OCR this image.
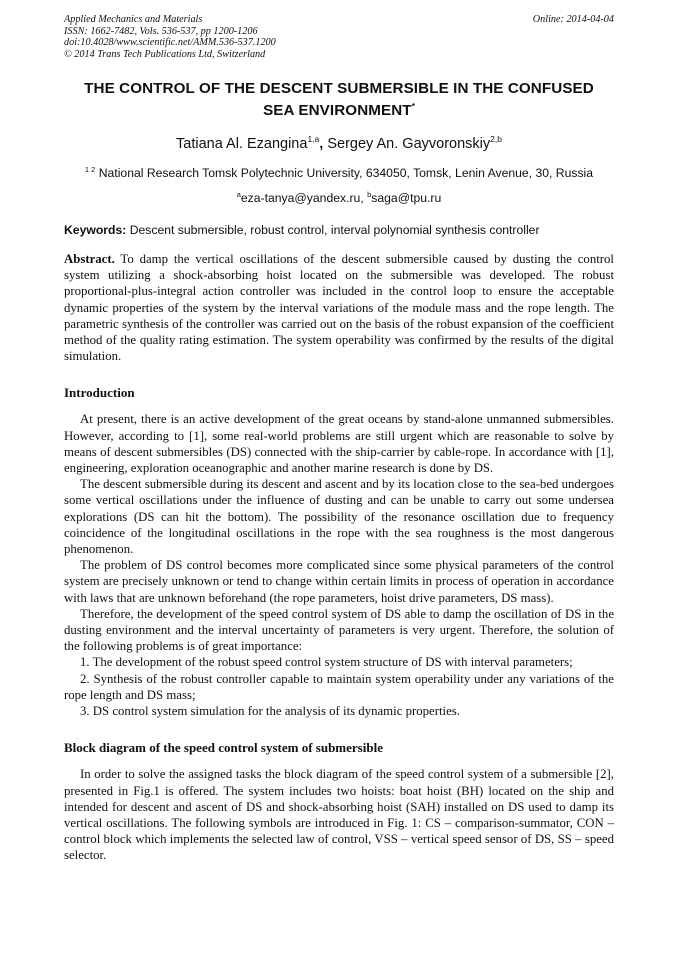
Applied Mechanics and Materials
ISSN: 1662-7482, Vols. 536-537, pp 1200-1206
doi:10.4028/www.scientific.net/AMM.536-537.1200
© 2014 Trans Tech Publications Ltd, Switzerland
Online: 2014-04-04
THE CONTROL OF THE DESCENT SUBMERSIBLE IN THE CONFUSED
SEA ENVIRONMENT*
Tatiana Al. Ezangina$^{1,a}$, Sergey An. Gayvoronskiy$^{2,b}$
$^{1 2}$ National Research Tomsk Polytechnic University, 634050, Tomsk, Lenin Avenue, 30, Russia
$^a$eza-tanya@yandex.ru, $^b$saga@tpu.ru
Keywords: Descent submersible, robust control, interval polynomial synthesis controller

Abstract. To damp the vertical oscillations of the descent submersible caused by dusting the control system utilizing a shock-absorbing hoist located on the submersible was developed. The robust proportional-plus-integral action controller was included in the control loop to ensure the acceptable dynamic properties of the system by the interval variations of the module mass and the rope length. The parametric synthesis of the controller was carried out on the basis of the robust expansion of the coefficient method of the quality rating estimation. The system operability was confirmed by the results of the digital simulation.

Introduction

At present, there is an active development of the great oceans by stand-alone unmanned submersibles. However, according to [1], some real-world problems are still urgent which are reasonable to solve by means of descent submersibles (DS) connected with the ship-carrier by cable-rope. In accordance with [1], engineering, exploration oceanographic and another marine research is done by DS.

The descent submersible during its descent and ascent and by its location close to the sea-bed undergoes some vertical oscillations under the influence of dusting and can be unable to carry out some undersea explorations (DS can hit the bottom). The possibility of the resonance oscillation due to frequency coincidence of the longitudinal oscillations in the rope with the sea roughness is the most dangerous phenomenon.

The problem of DS control becomes more complicated since some physical parameters of the control system are precisely unknown or tend to change within certain limits in process of operation in accordance with laws that are unknown beforehand (the rope parameters, hoist drive parameters, DS mass).

Therefore, the development of the speed control system of DS able to damp the oscillation of DS in the dusting environment and the interval uncertainty of parameters is very urgent. Therefore, the solution of the following problems is of great importance:

1. The development of the robust speed control system structure of DS with interval parameters;

2. Synthesis of the robust controller capable to maintain system operability under any variations of the rope length and DS mass;

3. DS control system simulation for the analysis of its dynamic properties.

Block diagram of the speed control system of submersible

In order to solve the assigned tasks the block diagram of the speed control system of a submersible [2], presented in Fig.1 is offered. The system includes two hoists: boat hoist (BH) located on the ship and intended for descent and ascent of DS and shock-absorbing hoist (SAH) installed on DS used to damp its vertical oscillations. The following symbols are introduced in Fig. 1: CS – comparison-summator, CON – control block which implements the selected law of control, VSS – vertical speed sensor of DS, SS – speed selector.
